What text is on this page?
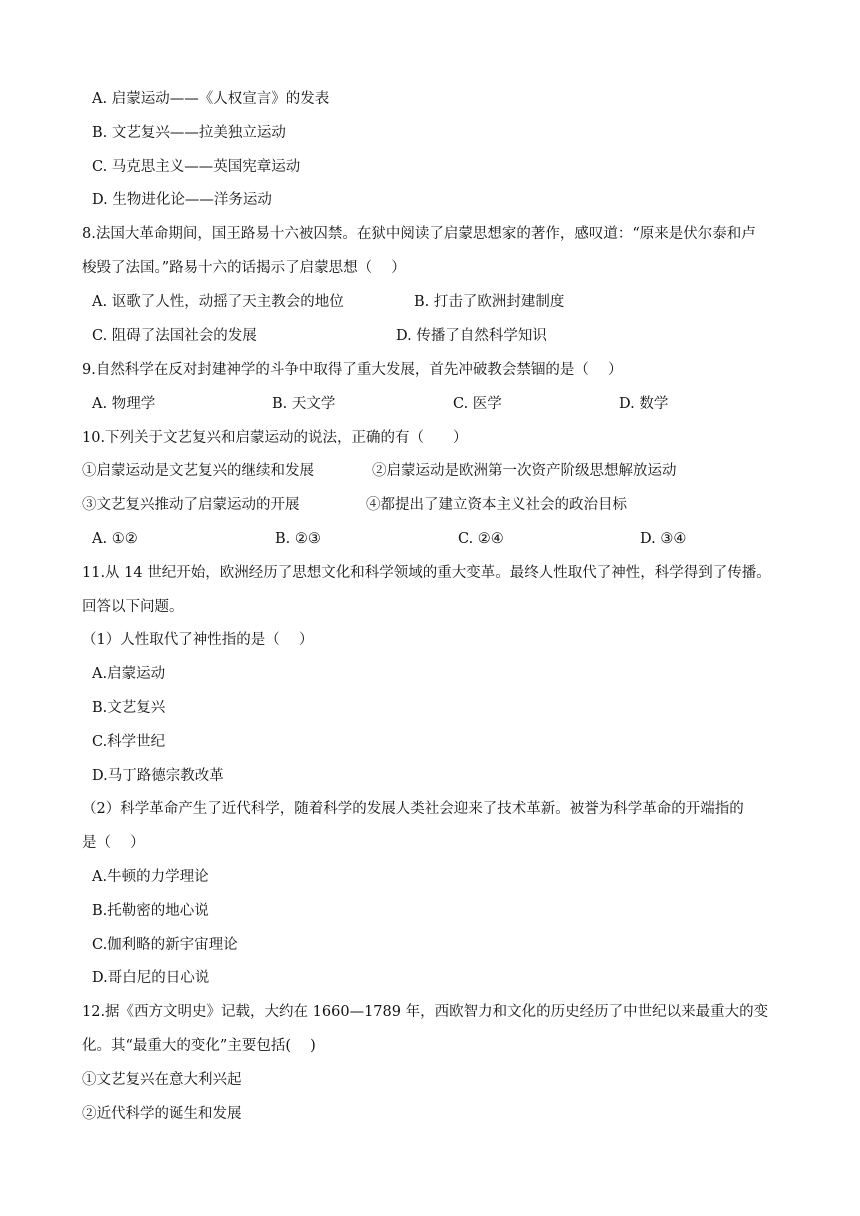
A. 启蒙运动——《人权宣言》的发表
B. 文艺复兴——拉美独立运动
C. 马克思主义——英国宪章运动
D. 生物进化论——洋务运动
8.法国大革命期间，国王路易十六被囚禁。在狱中阅读了启蒙思想家的著作，感叹道：“原来是伏尔泰和卢
梭毁了法国。”路易十六的话揭示了启蒙思想（　 ）
A. 讴歌了人性，动摇了天主教会的地位	B. 打击了欧洲封建制度
C. 阻碍了法国社会的发展	D. 传播了自然科学知识
9.自然科学在反对封建神学的斗争中取得了重大发展，首先冲破教会禁锢的是（　 ）
A. 物理学	B. 天文学	C. 医学	D. 数学
10.下列关于文艺复兴和启蒙运动的说法，正确的有（　　）
①启蒙运动是文艺复兴的继续和发展	②启蒙运动是欧洲第一次资产阶级思想解放运动
③文艺复兴推动了启蒙运动的开展	④都提出了建立资本主义社会的政治目标
A. ①②	B. ②③	C. ②④	D. ③④
11.从 14 世纪开始，欧洲经历了思想文化和科学领域的重大变革。最终人性取代了神性，科学得到了传播。
回答以下问题。
（1）人性取代了神性指的是（　 ）
A.启蒙运动
B.文艺复兴
C.科学世纪
D.马丁路德宗教改革
（2）科学革命产生了近代科学，随着科学的发展人类社会迎来了技术革新。被誉为科学革命的开端指的
是（　 ）
A.牛顿的力学理论
B.托勒密的地心说
C.伽利略的新宇宙理论
D.哥白尼的日心说
12.据《西方文明史》记载，大约在 1660—1789 年，西欧智力和文化的历史经历了中世纪以来最重大的变
化。其“最重大的变化”主要包括(　 )
①文艺复兴在意大利兴起
②近代科学的诞生和发展
